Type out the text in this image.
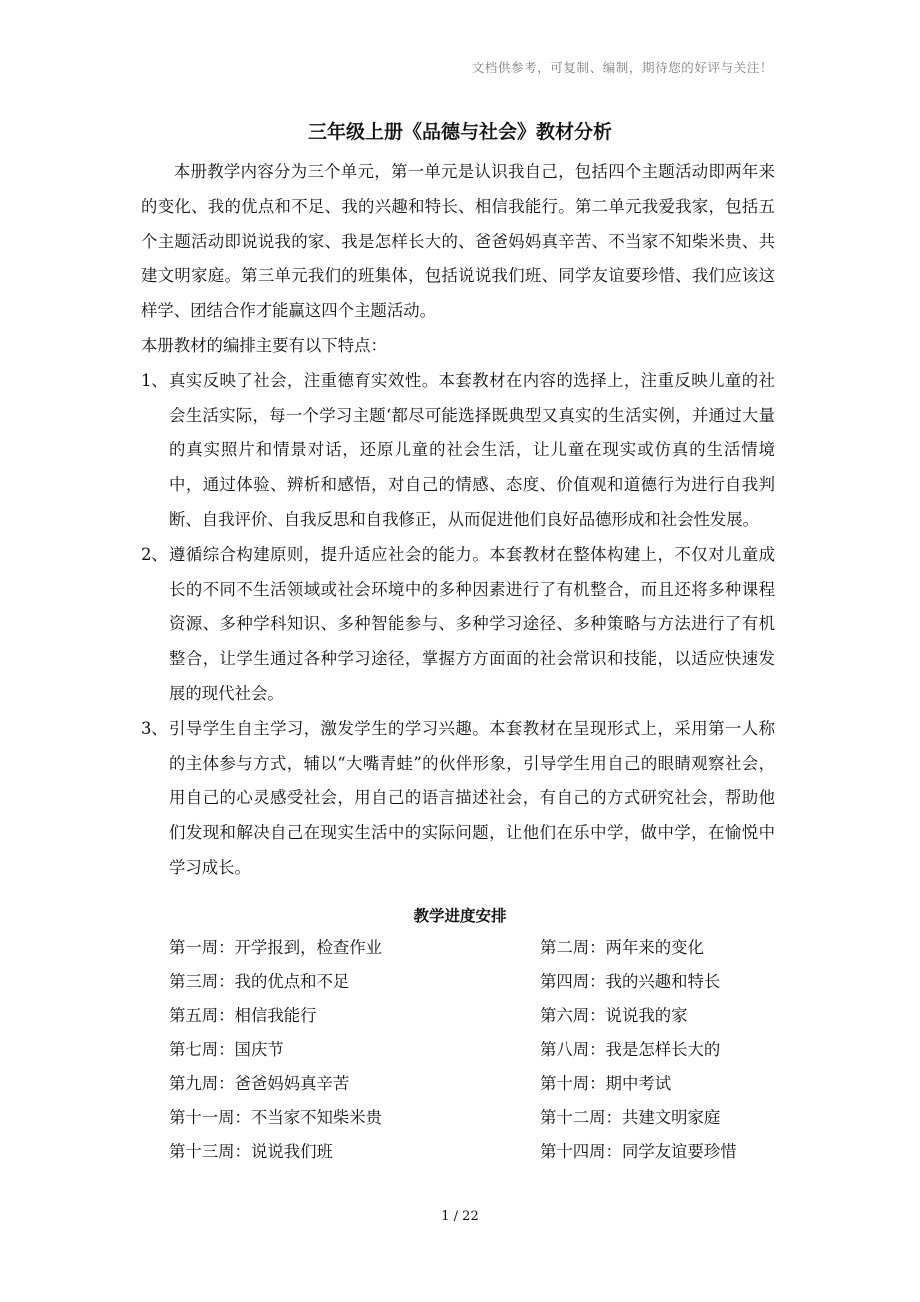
文档供参考，可复制、编制，期待您的好评与关注！
三年级上册《品德与社会》教材分析

本册教学内容分为三个单元，第一单元是认识我自己，包括四个主题活动即两年来的变化、我的优点和不足、我的兴趣和特长、相信我能行。第二单元我爱我家，包括五个主题活动即说说我的家、我是怎样长大的、爸爸妈妈真辛苦、不当家不知柴米贵、共建文明家庭。第三单元我们的班集体，包括说说我们班、同学友谊要珍惜、我们应该这样学、团结合作才能赢这四个主题活动。

本册教材的编排主要有以下特点：

1、 真实反映了社会，注重德育实效性。本套教材在内容的选择上，注重反映儿童的社会生活实际，每一个学习主题‘都尽可能选择既典型又真实的生活实例，并通过大量的真实照片和情景对话，还原儿童的社会生活，让儿童在现实或仿真的生活情境中，通过体验、辨析和感悟，对自己的情感、态度、价值观和道德行为进行自我判断、自我评价、自我反思和自我修正，从而促进他们良好品德形成和社会性发展。

2、 遵循综合构建原则，提升适应社会的能力。本套教材在整体构建上，不仅对儿童成长的不同不生活领域或社会环境中的多种因素进行了有机整合，而且还将多种课程资源、多种学科知识、多种智能参与、多种学习途径、多种策略与方法进行了有机整合，让学生通过各种学习途径，掌握方方面面的社会常识和技能，以适应快速发展的现代社会。

3、 引导学生自主学习，激发学生的学习兴趣。本套教材在呈现形式上，采用第一人称的主体参与方式，辅以“大嘴青蛙”的伙伴形象，引导学生用自己的眼睛观察社会，用自己的心灵感受社会，用自己的语言描述社会，有自己的方式研究社会，帮助他们发现和解决自己在现实生活中的实际问题，让他们在乐中学，做中学，在愉悦中学习成长。

教学进度安排
第一周：开学报到，检查作业	第二周：两年来的变化
第三周：我的优点和不足	第四周：我的兴趣和特长
第五周：相信我能行	第六周：说说我的家
第七周：国庆节	第八周：我是怎样长大的
第九周：爸爸妈妈真辛苦	第十周：期中考试
第十一周：不当家不知柴米贵	第十二周：共建文明家庭
第十三周：说说我们班	第十四周：同学友谊要珍惜
1 / 22
